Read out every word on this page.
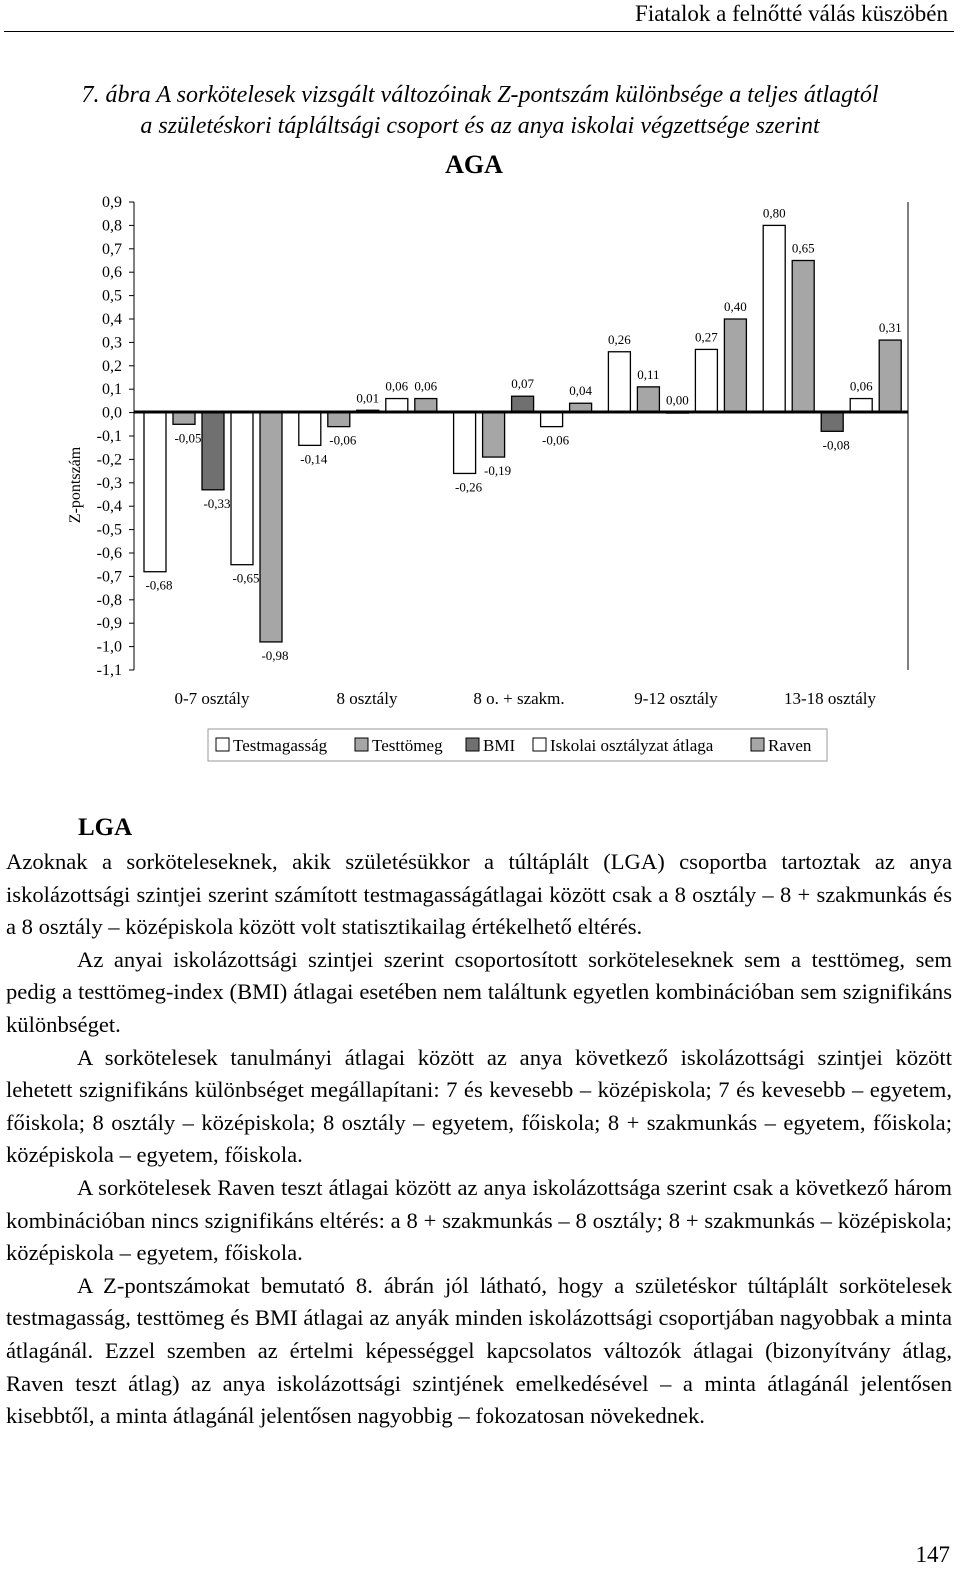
Fiatalok a felnőtté válás küszöbén
7. ábra A sorkötelesek vizsgált változóinak Z-pontszám különbsége a teljes átlagtól
a születéskori tápláltsági csoport és az anya iskolai végzettsége szerint
AGA
Z-pontszám
0,9
0,8
0,7
0,6
0,5
0,4
0,3
0,2
0,1
0,0
-0,1
-0,2
-0,3
-0,4
-0,5
-0,6
-0,7
-0,8
-0,9
-1,0
-1,1
-0,68
-0,05
-0,33
-0,65
-0,98
-0,14
-0,06
0,01
0,06 0,06
-0,26
-0,19
0,07
-0,06
0,04
0,26
0,11
0,00
0,27
0,40
0,80
0,65
-0,08
0,06
0,31
0-7 osztály	8 osztály	8 o. + szakm.	9-12 osztály	13-18 osztály
Testmagasság	Testtömeg BMI Iskolai osztályzat átlaga	Raven
LGA

Azoknak a sorköteleseknek, akik születésükkor a túltáplált (LGA) csoportba tartoztak az anya iskolázottsági szintjei szerint számított testmagasságátlagai között csak a 8 osztály – 8 + szakmunkás és a 8 osztály – középiskola között volt statisztikailag értékelhető eltérés.

Az anyai iskolázottsági szintjei szerint csoportosított sorköteleseknek sem a testtömeg, sem pedig a testtömeg-index (BMI) átlagai esetében nem találtunk egyetlen kombinációban sem szignifikáns különbséget.

A sorkötelesek tanulmányi átlagai között az anya következő iskolázottsági szintjei között lehetett szignifikáns különbséget megállapítani: 7 és kevesebb – középiskola; 7 és kevesebb – egyetem, főiskola; 8 osztály – középiskola; 8 osztály – egyetem, főiskola; 8 + szakmunkás – egyetem, főiskola; középiskola – egyetem, főiskola.

A sorkötelesek Raven teszt átlagai között az anya iskolázottsága szerint csak a következő három kombinációban nincs szignifikáns eltérés: a 8 + szakmunkás – 8 osztály; 8 + szakmunkás – középiskola; középiskola – egyetem, főiskola.

A Z-pontszámokat bemutató 8. ábrán jól látható, hogy a születéskor túltáplált sorkötelesek testmagasság, testtömeg és BMI átlagai az anyák minden iskolázottsági csoportjában nagyobbak a minta átlagánál. Ezzel szemben az értelmi képességgel kapcsolatos változók átlagai (bizonyítvány átlag, Raven teszt átlag) az anya iskolázottsági szintjének emelkedésével – a minta átlagánál jelentősen kisebbtől, a minta átlagánál jelentősen nagyobbig – fokozatosan növekednek.

147
